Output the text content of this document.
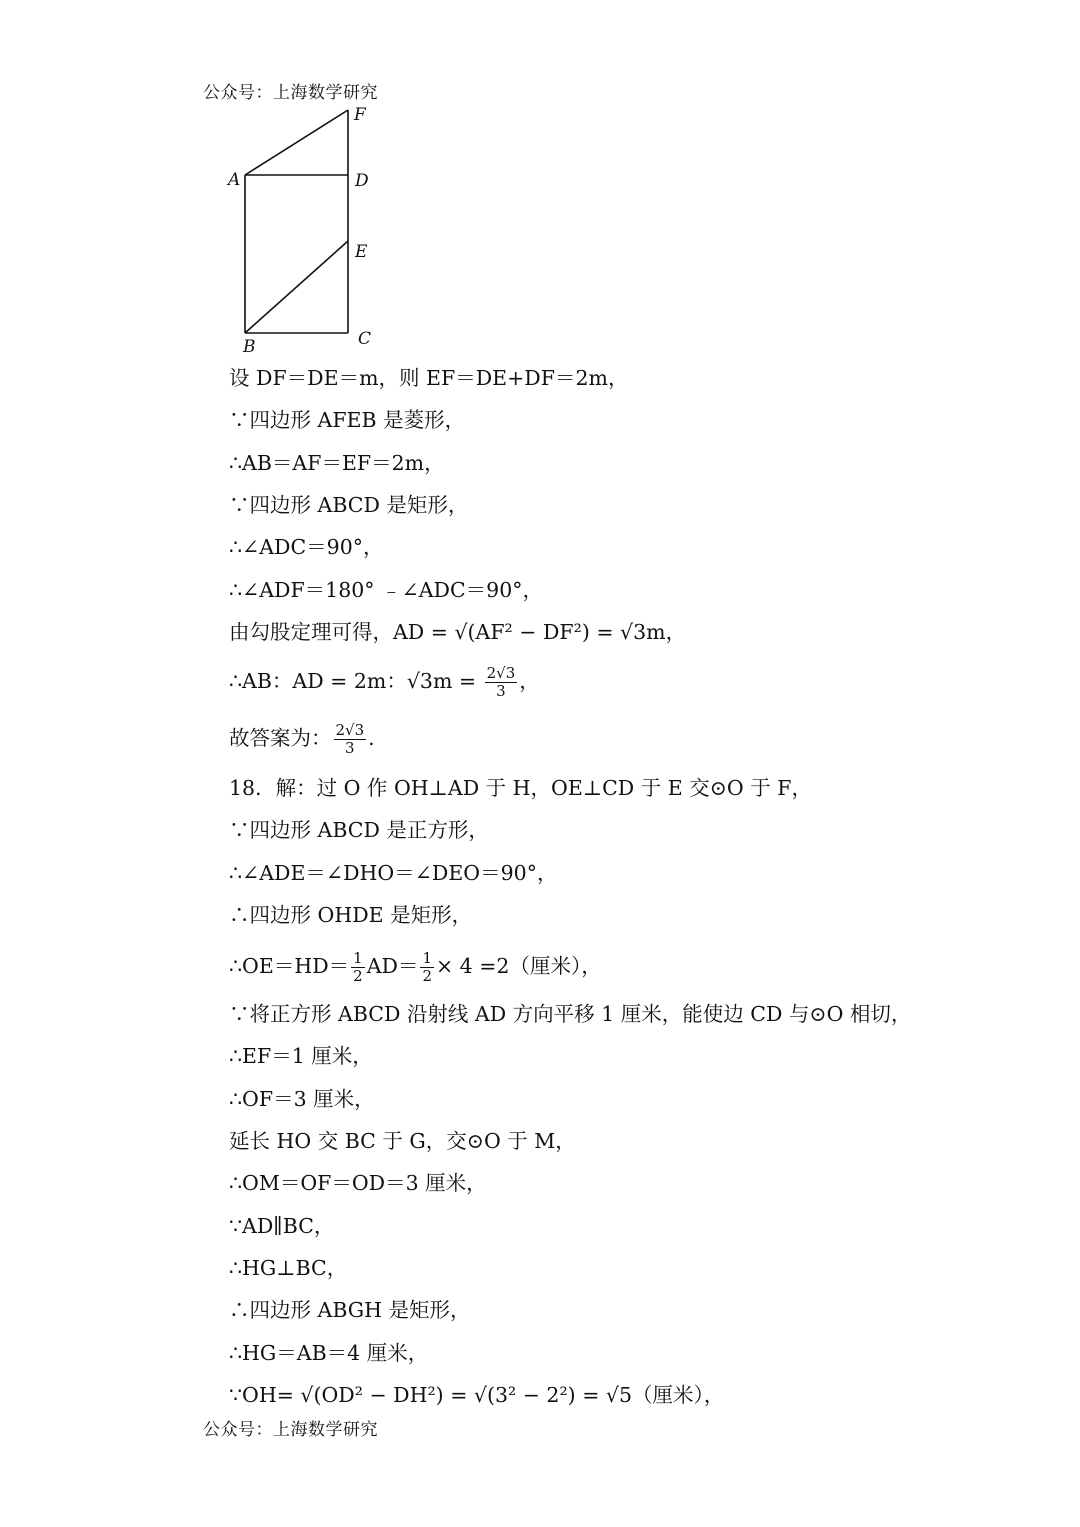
公众号：上海数学研究
F
A	D
E
B	C
设 DF＝DE＝m，则 EF＝DE+DF＝2m，
∵四边形 AFEB 是菱形，
∴AB＝AF＝EF＝2m，
∵四边形 ABCD 是矩形，
∴∠ADC＝90°，
∴∠ADF＝180° ﹣∠ADC＝90°，
由勾股定理可得，AD = √(AF² − DF²) = √3m，
∴AB：AD = 2m：$√3m = \frac{2√3}{3}$ ，
故答案为： $\frac{2√3}{3}$ .
18．解：过 O 作 OH⊥AD 于 H，OE⊥CD 于 E 交⊙O 于 F，
∵四边形 ABCD 是正方形，
∴∠ADE＝∠DHO＝∠DEO＝90°，
∴四边形 OHDE 是矩形，
∴OE＝HD＝ $\frac{1}{2} AD= \frac{1}{2} \times 4 =2$（厘米），
∵将正方形 ABCD 沿射线 AD 方向平移 1 厘米，能使边 CD 与⊙O 相切，
∴EF＝1 厘米，
∴OF＝3 厘米，
延长 HO 交 BC 于 G，交⊙O 于 M，
∴OM＝OF＝OD＝3 厘米，
∵AD∥BC，
∴HG⊥BC，
∴四边形 ABGH 是矩形，
∴HG＝AB＝4 厘米，
∵OH= √(OD² − DH²) = √(3² − 2²) = √5（厘米），
公众号：上海数学研究
